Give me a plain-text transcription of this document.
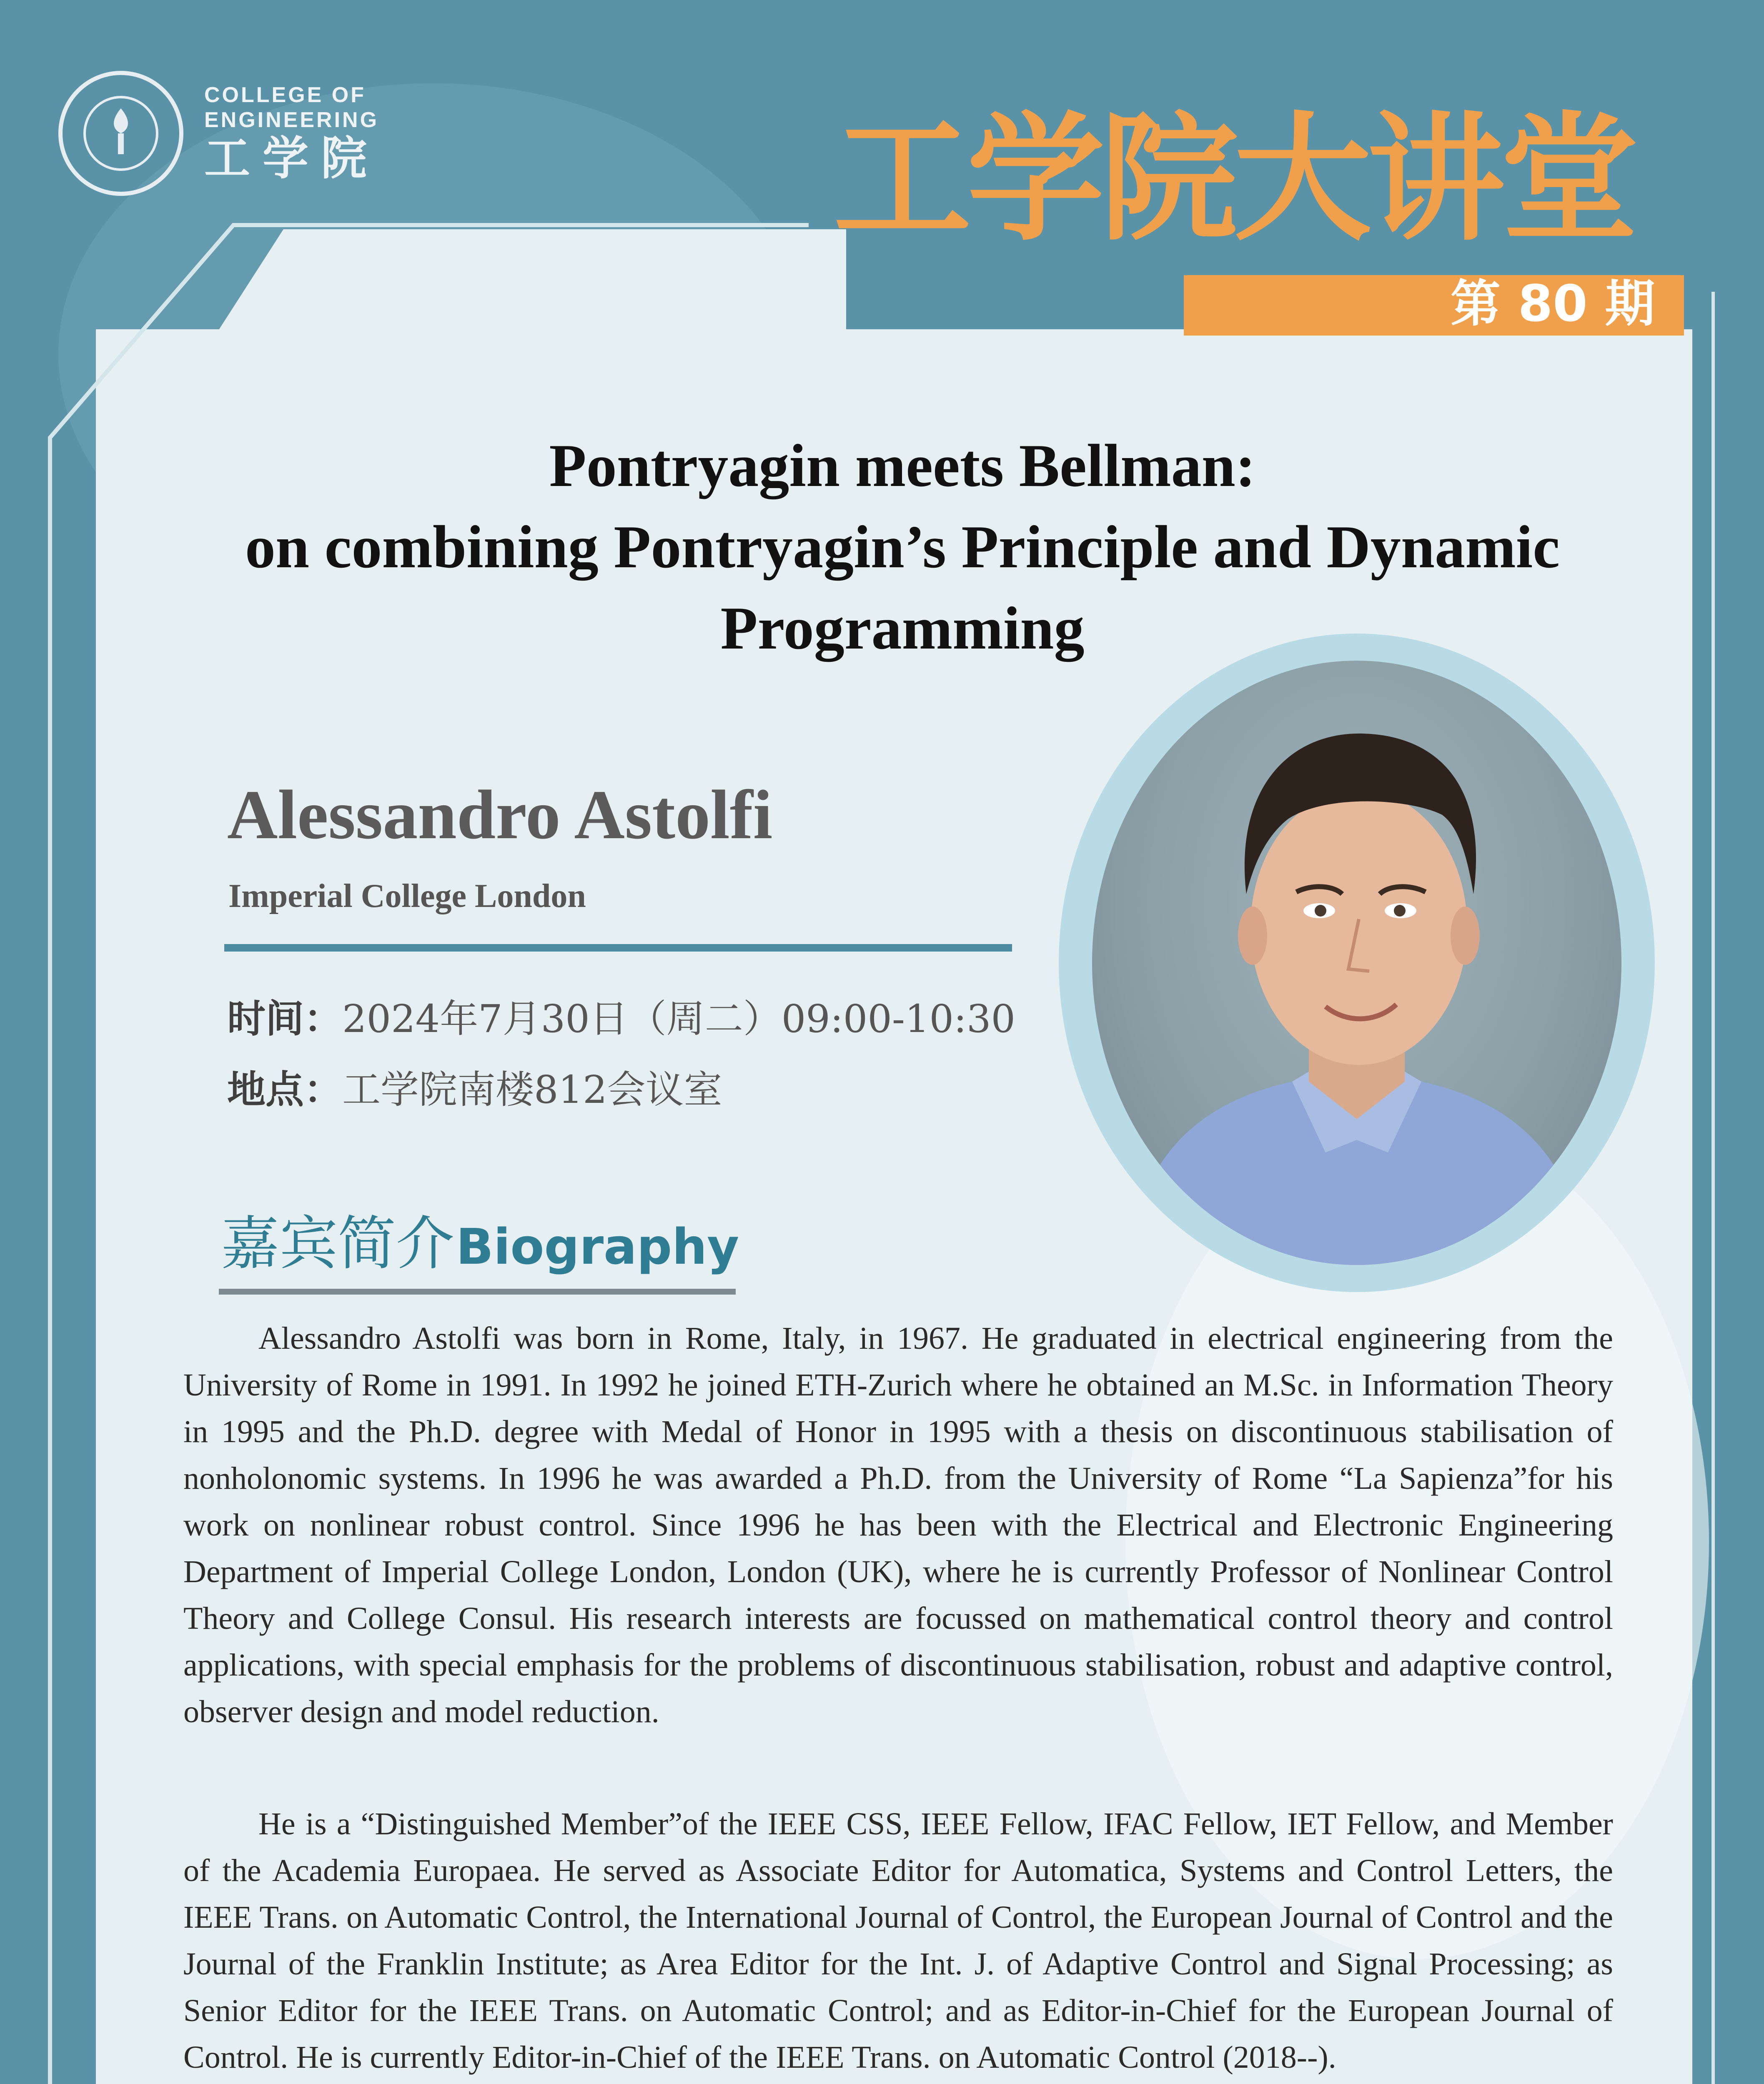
COLLEGE OF
ENGINEERING
工学院	工学院大讲堂
第 80 期
Pontryagin meets Bellman:
on combining Pontryagin’s Principle and Dynamic
Programming
Alessandro Astolfi
Imperial College London
时间：2024年7月30日（周二）09:00-10:30
地点：工学院南楼812会议室
嘉宾简介 Biography
Alessandro Astolfi was born in Rome, Italy, in 1967. He graduated in electrical engineering from the University of Rome in 1991. In 1992 he joined ETH-Zurich where he obtained an M.Sc. in Information Theory in 1995 and the Ph.D. degree with Medal of Honor in 1995 with a thesis on discontinuous stabilisation of nonholonomic systems. In 1996 he was awarded a Ph.D. from the University of Rome “La Sapienza”for his work on nonlinear robust control. Since 1996 he has been with the Electrical and Electronic Engineering Department of Imperial College London, London (UK), where he is currently Professor of Nonlinear Control Theory and College Consul. His research interests are focussed on mathematical control theory and control applications, with special emphasis for the problems of discontinuous stabilisation, robust and adaptive control, observer design and model reduction.
He is a “Distinguished Member”of the IEEE CSS, IEEE Fellow, IFAC Fellow, IET Fellow, and Member of the Academia Europaea. He served as Associate Editor for Automatica, Systems and Control Letters, the IEEE Trans. on Automatic Control, the International Journal of Control, the European Journal of Control and the Journal of the Franklin Institute; as Area Editor for the Int. J. of Adaptive Control and Signal Processing; as Senior Editor for the IEEE Trans. on Automatic Control; and as Editor-in-Chief for the European Journal of Control. He is currently Editor-in-Chief of the IEEE Trans. on Automatic Control (2018--).
